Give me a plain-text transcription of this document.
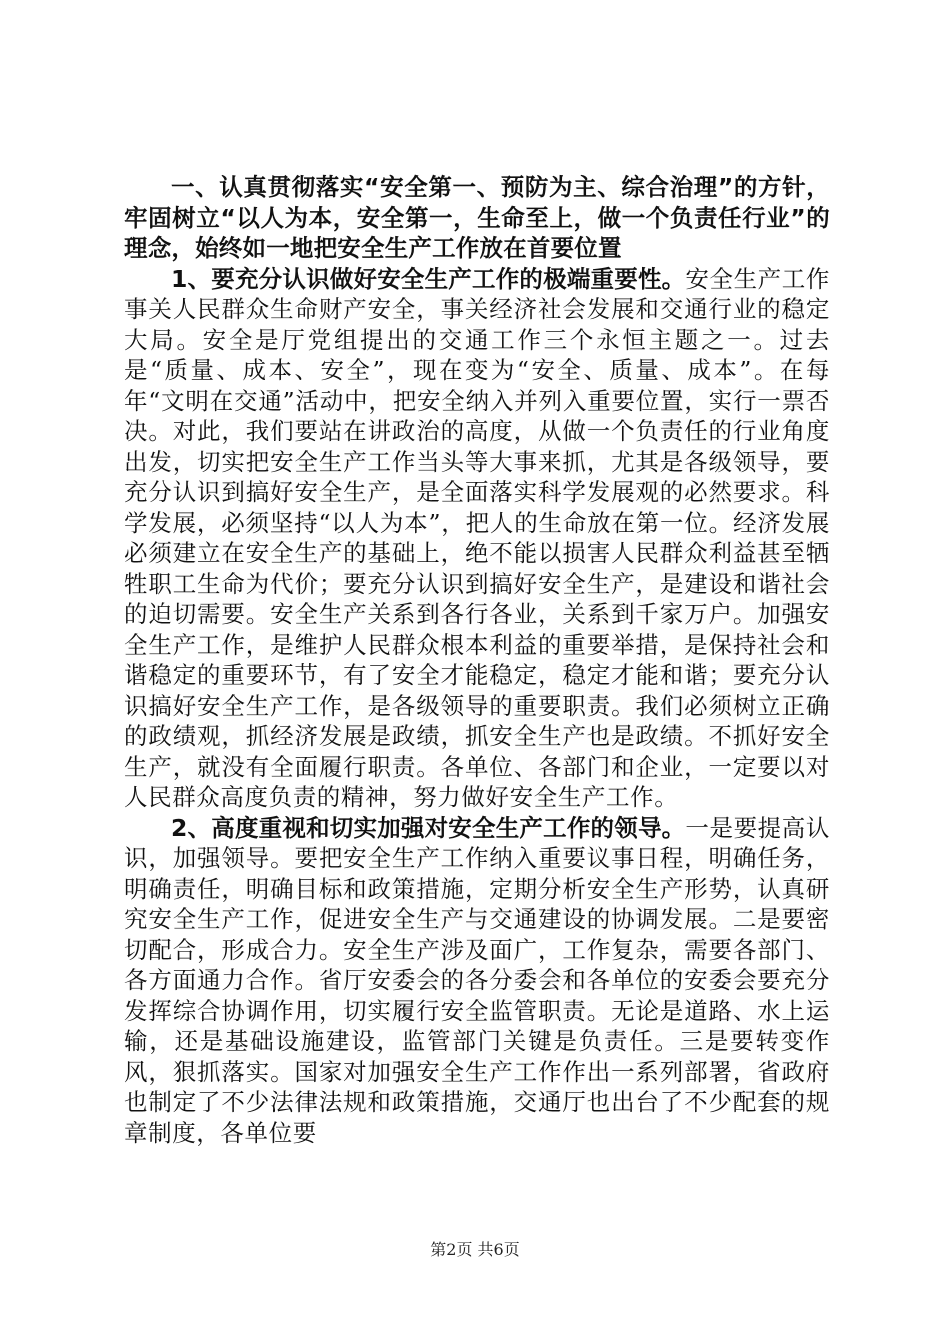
一、认真贯彻落实“安全第一、预防为主、综合治理”的方针，牢固树立“以人为本，安全第一，生命至上，做一个负责任行业”的理念，始终如一地把安全生产工作放在首要位置

1、要充分认识做好安全生产工作的极端重要性。安全生产工作事关人民群众生命财产安全，事关经济社会发展和交通行业的稳定大局。安全是厅党组提出的交通工作三个永恒主题之一。过去是“质量、成本、安全”，现在变为“安全、质量、成本”。在每年“文明在交通”活动中，把安全纳入并列入重要位置，实行一票否决。对此，我们要站在讲政治的高度，从做一个负责任的行业角度出发，切实把安全生产工作当头等大事来抓，尤其是各级领导，要充分认识到搞好安全生产，是全面落实科学发展观的必然要求。科学发展，必须坚持“以人为本”，把人的生命放在第一位。经济发展必须建立在安全生产的基础上，绝不能以损害人民群众利益甚至牺牲职工生命为代价；要充分认识到搞好安全生产，是建设和谐社会的迫切需要。安全生产关系到各行各业，关系到千家万户。加强安全生产工作，是维护人民群众根本利益的重要举措，是保持社会和谐稳定的重要环节，有了安全才能稳定，稳定才能和谐；要充分认识搞好安全生产工作，是各级领导的重要职责。我们必须树立正确的政绩观，抓经济发展是政绩，抓安全生产也是政绩。不抓好安全生产，就没有全面履行职责。各单位、各部门和企业，一定要以对人民群众高度负责的精神，努力做好安全生产工作。

2、高度重视和切实加强对安全生产工作的领导。一是要提高认识，加强领导。要把安全生产工作纳入重要议事日程，明确任务，明确责任，明确目标和政策措施，定期分析安全生产形势，认真研究安全生产工作，促进安全生产与交通建设的协调发展。二是要密切配合，形成合力。安全生产涉及面广，工作复杂，需要各部门、各方面通力合作。省厅安委会的各分委会和各单位的安委会要充分发挥综合协调作用，切实履行安全监管职责。无论是道路、水上运输，还是基础设施建设，监管部门关键是负责任。三是要转变作风，狠抓落实。国家对加强安全生产工作作出一系列部署，省政府也制定了不少法律法规和政策措施，交通厅也出台了不少配套的规章制度，各单位要

第2页 共6页
